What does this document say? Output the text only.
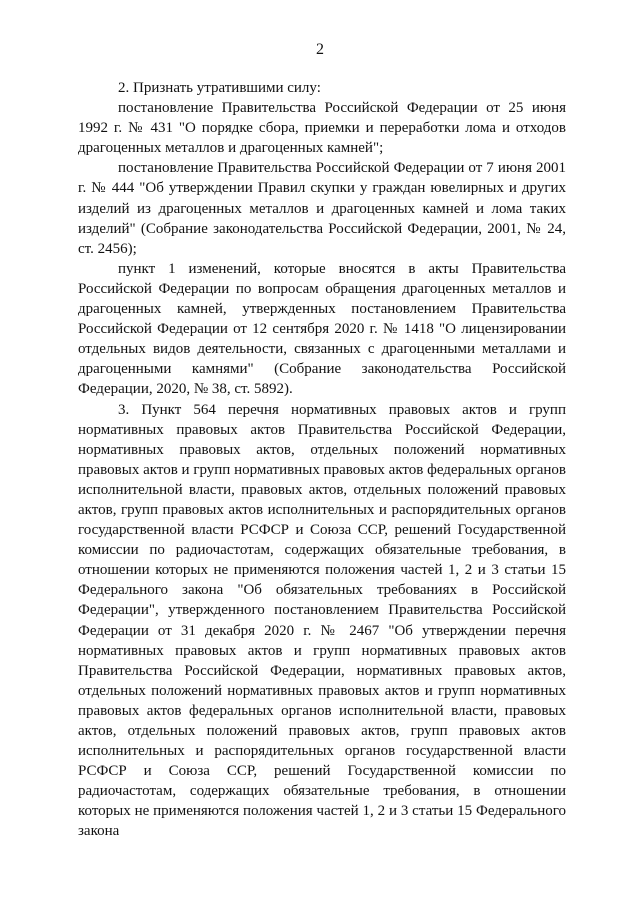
2

2. Признать утратившими силу:

постановление Правительства Российской Федерации от 25 июня 1992 г. № 431 "О порядке сбора, приемки и переработки лома и отходов драгоценных металлов и драгоценных камней";

постановление Правительства Российской Федерации от 7 июня 2001 г. № 444 "Об утверждении Правил скупки у граждан ювелирных и других изделий из драгоценных металлов и драгоценных камней и лома таких изделий" (Собрание законодательства Российской Федерации, 2001, № 24, ст. 2456);

пункт 1 изменений, которые вносятся в акты Правительства Российской Федерации по вопросам обращения драгоценных металлов и драгоценных камней, утвержденных постановлением Правительства Российской Федерации от 12 сентября 2020 г. № 1418 "О лицензировании отдельных видов деятельности, связанных с драгоценными металлами и драгоценными камнями" (Собрание законодательства Российской Федерации, 2020, № 38, ст. 5892).

3. Пункт 564 перечня нормативных правовых актов и групп нормативных правовых актов Правительства Российской Федерации, нормативных правовых актов, отдельных положений нормативных правовых актов и групп нормативных правовых актов федеральных органов исполнительной власти, правовых актов, отдельных положений правовых актов, групп правовых актов исполнительных и распорядительных органов государственной власти РСФСР и Союза ССР, решений Государственной комиссии по радиочастотам, содержащих обязательные требования, в отношении которых не применяются положения частей 1, 2 и 3 статьи 15 Федерального закона "Об обязательных требованиях в Российской Федерации", утвержденного постановлением Правительства Российской Федерации от 31 декабря 2020 г. № 2467 "Об утверждении перечня нормативных правовых актов и групп нормативных правовых актов Правительства Российской Федерации, нормативных правовых актов, отдельных положений нормативных правовых актов и групп нормативных правовых актов федеральных органов исполнительной власти, правовых актов, отдельных положений правовых актов, групп правовых актов исполнительных и распорядительных органов государственной власти РСФСР и Союза ССР, решений Государственной комиссии по радиочастотам, содержащих обязательные требования, в отношении которых не применяются положения частей 1, 2 и 3 статьи 15 Федерального закона
